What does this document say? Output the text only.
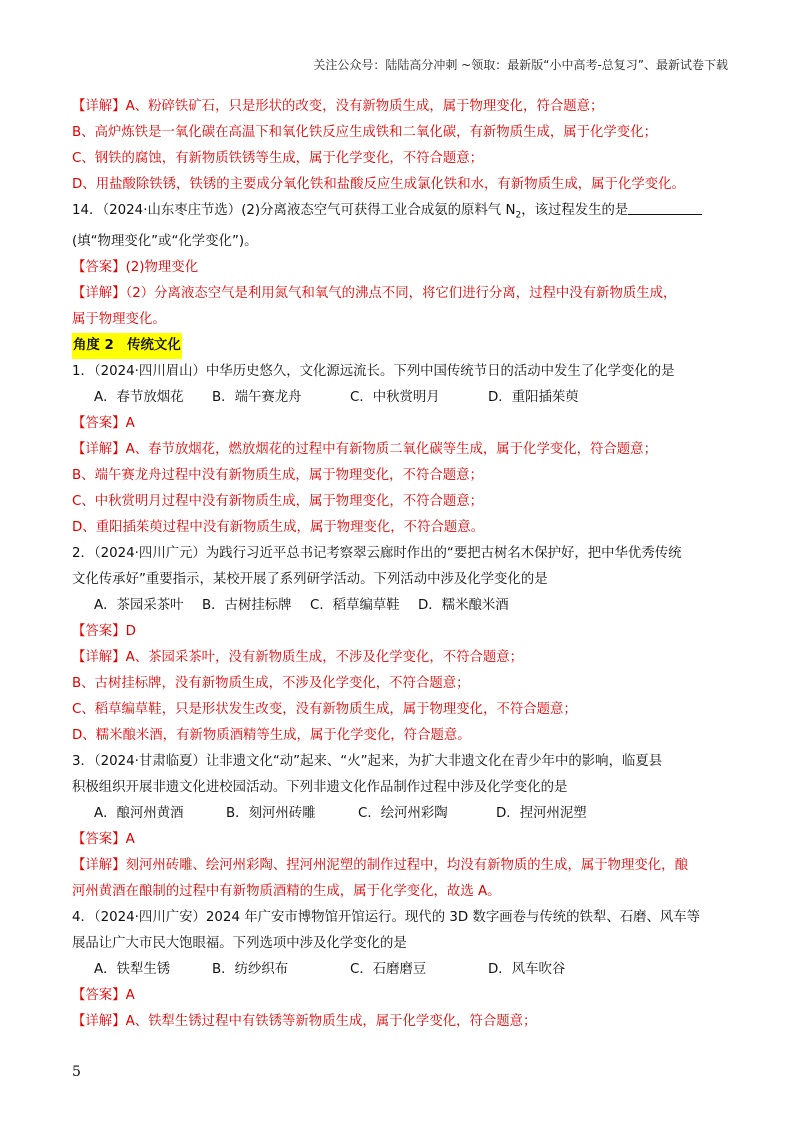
关注公众号：陆陆高分冲刺 ~领取：最新版“小中高考-总复习”、最新试卷下载
【详解】A、粉碎铁矿石，只是形状的改变，没有新物质生成，属于物理变化，符合题意；
B、高炉炼铁是一氧化碳在高温下和氧化铁反应生成铁和二氧化碳，有新物质生成，属于化学变化；
C、钢铁的腐蚀，有新物质铁锈等生成，属于化学变化，不符合题意；
D、用盐酸除铁锈，铁锈的主要成分氧化铁和盐酸反应生成氯化铁和水，有新物质生成，属于化学变化。
14．（2024·山东枣庄节选）(2)分离液态空气可获得工业合成氨的原料气 $N_2$，该过程发生的是
(填“物理变化”或“化学变化”)。
【答案】(2)物理变化
【详解】（2）分离液态空气是利用氮气和氧气的沸点不同，将它们进行分离，过程中没有新物质生成，
属于物理变化。
角度 2　传统文化
1．（2024·四川眉山）中华历史悠久，文化源远流长。下列中国传统节日的活动中发生了化学变化的是
A．春节放烟花 B．端午赛龙舟	C．中秋赏明月	D．重阳插茱萸
【答案】A
【详解】A、春节放烟花，燃放烟花的过程中有新物质二氧化碳等生成，属于化学变化，符合题意；
B、端午赛龙舟过程中没有新物质生成，属于物理变化，不符合题意；
C、中秋赏明月过程中没有新物质生成，属于物理变化，不符合题意；
D、重阳插茱萸过程中没有新物质生成，属于物理变化，不符合题意。
2．（2024·四川广元）为践行习近平总书记考察翠云廊时作出的“要把古树名木保护好，把中华优秀传统
文化传承好”重要指示，某校开展了系列研学活动。下列活动中涉及化学变化的是
A．茶园采茶叶 B．古树挂标牌 C．稻草编草鞋 D．糯米酿米酒
【答案】D
【详解】A、茶园采茶叶，没有新物质生成，不涉及化学变化，不符合题意；
B、古树挂标牌，没有新物质生成，不涉及化学变化，不符合题意；
C、稻草编草鞋，只是形状发生改变，没有新物质生成，属于物理变化，不符合题意；
D、糯米酿米酒，有新物质酒精等生成，属于化学变化，符合题意。
3．（2024·甘肃临夏）让非遗文化“动”起来、“火”起来，为扩大非遗文化在青少年中的影响，临夏县
积极组织开展非遗文化进校园活动。下列非遗文化作品制作过程中涉及化学变化的是
A．酿河州黄酒	B．刻河州砖雕	C．绘河州彩陶	D．捏河州泥塑
【答案】A
【详解】刻河州砖雕、绘河州彩陶、捏河州泥塑的制作过程中，均没有新物质的生成，属于物理变化，酿
河州黄酒在酿制的过程中有新物质酒精的生成，属于化学变化，故选 A。
4．（2024·四川广安）2024 年广安市博物馆开馆运行。现代的 3D 数字画卷与传统的铁犁、石磨、风车等
展品让广大市民大饱眼福。下列选项中涉及化学变化的是
A．铁犁生锈	B．纺纱织布	C．石磨磨豆	D．风车吹谷
【答案】A
【详解】A、铁犁生锈过程中有铁锈等新物质生成，属于化学变化，符合题意；
5
